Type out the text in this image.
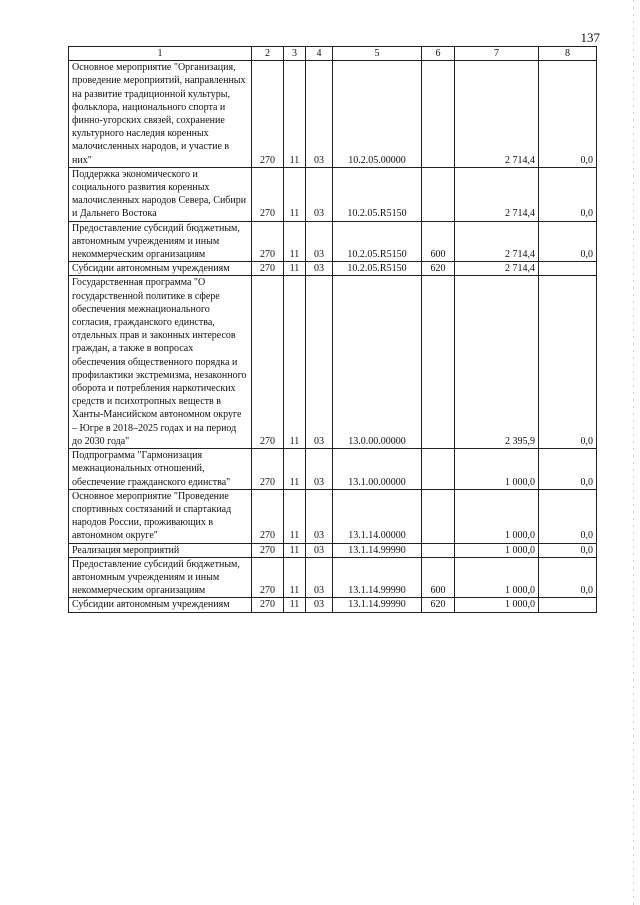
137
1	2	3	4	5	6	7	8
Основное мероприятие "Организация, проведение мероприятий, направленных на развитие традиционной культуры, фольклора, национального спорта и финно-угорских связей, сохранение культурного наследия коренных малочисленных народов, и участие в них"	270	11	03	10.2.05.00000		2 714,4	0,0
Поддержка экономического и социального развития коренных малочисленных народов Севера, Сибири и Дальнего Востока	270	11	03	10.2.05.R5150		2 714,4	0,0
Предоставление субсидий бюджетным, автономным учреждениям и иным некоммерческим организациям	270	11	03	10.2.05.R5150	600	2 714,4	0,0
Субсидии автономным учреждениям	270	11	03	10.2.05.R5150	620	2 714,4	
Государственная программа "О государственной политике в сфере обеспечения межнационального согласия, гражданского единства, отдельных прав и законных интересов граждан, а также в вопросах обеспечения общественного порядка и профилактики экстремизма, незаконного оборота и потребления наркотических средств и психотропных веществ в Ханты-Мансийском автономном округе – Югре в 2018–2025 годах и на период до 2030 года"	270	11	03	13.0.00.00000		2 395,9	0,0
Подпрограмма "Гармонизация межнациональных отношений, обеспечение гражданского единства"	270	11	03	13.1.00.00000		1 000,0	0,0
Основное мероприятие "Проведение спортивных состязаний и спартакиад народов России, проживающих в автономном округе"	270	11	03	13.1.14.00000		1 000,0	0,0
Реализация мероприятий	270	11	03	13.1.14.99990		1 000,0	0,0
Предоставление субсидий бюджетным, автономным учреждениям и иным некоммерческим организациям	270	11	03	13.1.14.99990	600	1 000,0	0,0
Субсидии автономным учреждениям	270	11	03	13.1.14.99990	620	1 000,0	
